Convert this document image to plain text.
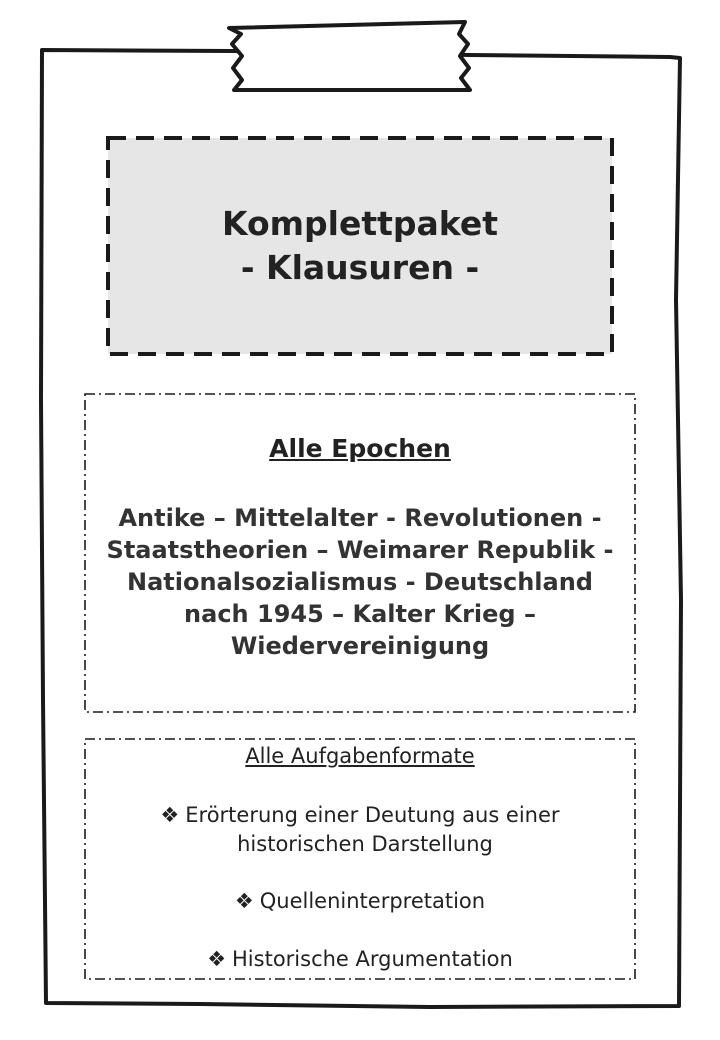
Komplettpaket
- Klausuren -
Alle Epochen
Antike – Mittelalter - Revolutionen - Staatstheorien – Weimarer Republik - Nationalsozialismus - Deutschland nach 1945 – Kalter Krieg – Wiedervereinigung
Alle Aufgabenformate
❖ Erörterung einer Deutung aus einer
historischen Darstellung
❖ Quelleninterpretation
❖ Historische Argumentation
